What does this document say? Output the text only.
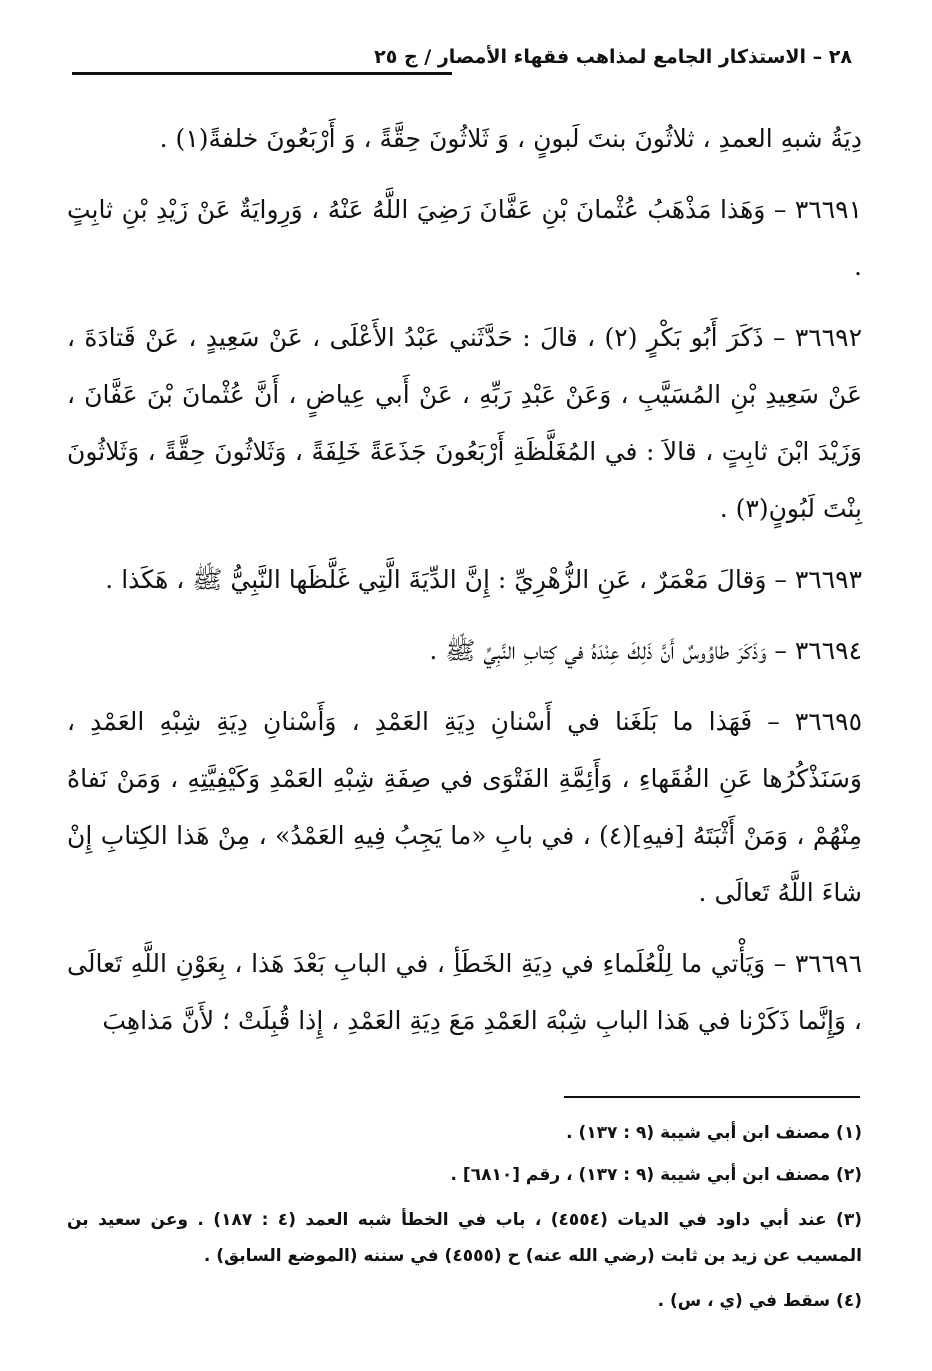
٢٨ – الاستذكار الجامع لمذاهب فقهاء الأمصار / ج ٢٥

دِيَةُ شبهِ العمدِ ، ثلاثُونَ بنتَ لَبونٍ ، وَ ثَلاثُونَ حِقَّةً ، وَ أَرْبَعُونَ خلفةً(١) .

٣٦٦٩١ – وَهَذا مَذْهَبُ عُثْمانَ بْنِ عَفَّانَ رَضِيَ اللَّهُ عَنْهُ ، وَرِوايَةٌ عَنْ زَيْدِ بْنِ ثابِتٍ .

٣٦٦٩٢ – ذَكَرَ أَبُو بَكْرٍ (٢) ، قالَ : حَدَّثَني عَبْدُ الأَعْلَى ، عَنْ سَعِيدٍ ، عَنْ قَتادَةَ ، عَنْ سَعِيدِ بْنِ المُسَيَّبِ ، وَعَنْ عَبْدِ رَبِّهِ ، عَنْ أَبي عِياضٍ ، أَنَّ عُثْمانَ بْنَ عَفَّانَ ، وَزَيْدَ ابْنَ ثابِتٍ ، قالاَ : في المُغَلَّظَةِ أَرْبَعُونَ جَذَعَةً خَلِفَةً ، وَثَلاثُونَ حِقَّةً ، وَثَلاثُونَ بِنْتَ لَبُونٍ(٣) .

٣٦٦٩٣ – وَقالَ مَعْمَرٌ ، عَنِ الزُّهْرِيِّ : إِنَّ الدِّيَةَ الَّتِي غَلَّظَها النَّبِيُّ ﷺ ، هَكَذا .

٣٦٦٩٤ – وَذَكَرَ طاوُوسٌ أَنَّ ذَلِكَ عِنْدَهُ في كِتابِ النَّبِيِّ ﷺ .

٣٦٦٩٥ – فَهَذا ما بَلَغَنا في أَسْنانِ دِيَةِ العَمْدِ ، وَأَسْنانِ دِيَةِ شِبْهِ العَمْدِ ، وَسَنَذْكُرُها عَنِ الفُقَهاءِ ، وَأَئِمَّةِ الفَتْوَى في صِفَةِ شِبْهِ العَمْدِ وَكَيْفِيَّتِهِ ، وَمَنْ نَفاهُ مِنْهُمْ ، وَمَنْ أَثْبَتَهُ [فيهِ](٤) ، في بابِ «ما يَجِبُ فِيهِ العَمْدُ» ، مِنْ هَذا الكِتابِ إِنْ شاءَ اللَّهُ تَعالَى .

٣٦٦٩٦ – وَيَأْتي ما لِلْعُلَماءِ في دِيَةِ الخَطَأِ ، في البابِ بَعْدَ هَذا ، بِعَوْنِ اللَّهِ تَعالَى ، وَإِنَّما ذَكَرْنا في هَذا البابِ شِبْهَ العَمْدِ مَعَ دِيَةِ العَمْدِ ، إِذا قُبِلَتْ ؛ لأَنَّ مَذاهِبَ

(١) مصنف ابن أبي شيبة (٩ : ١٣٧) .

(٢) مصنف ابن أبي شيبة (٩ : ١٣٧) ، رقم [٦٨١٠] .

(٣) عند أبي داود في الديات (٤٥٥٤) ، باب في الخطأ شبه العمد (٤ : ١٨٧) . وعن سعيد بن المسيب عن زيد بن ثابت (رضي الله عنه) ح (٤٥٥٥) في سننه (الموضع السابق) .

(٤) سقط في (ي ، س) .
